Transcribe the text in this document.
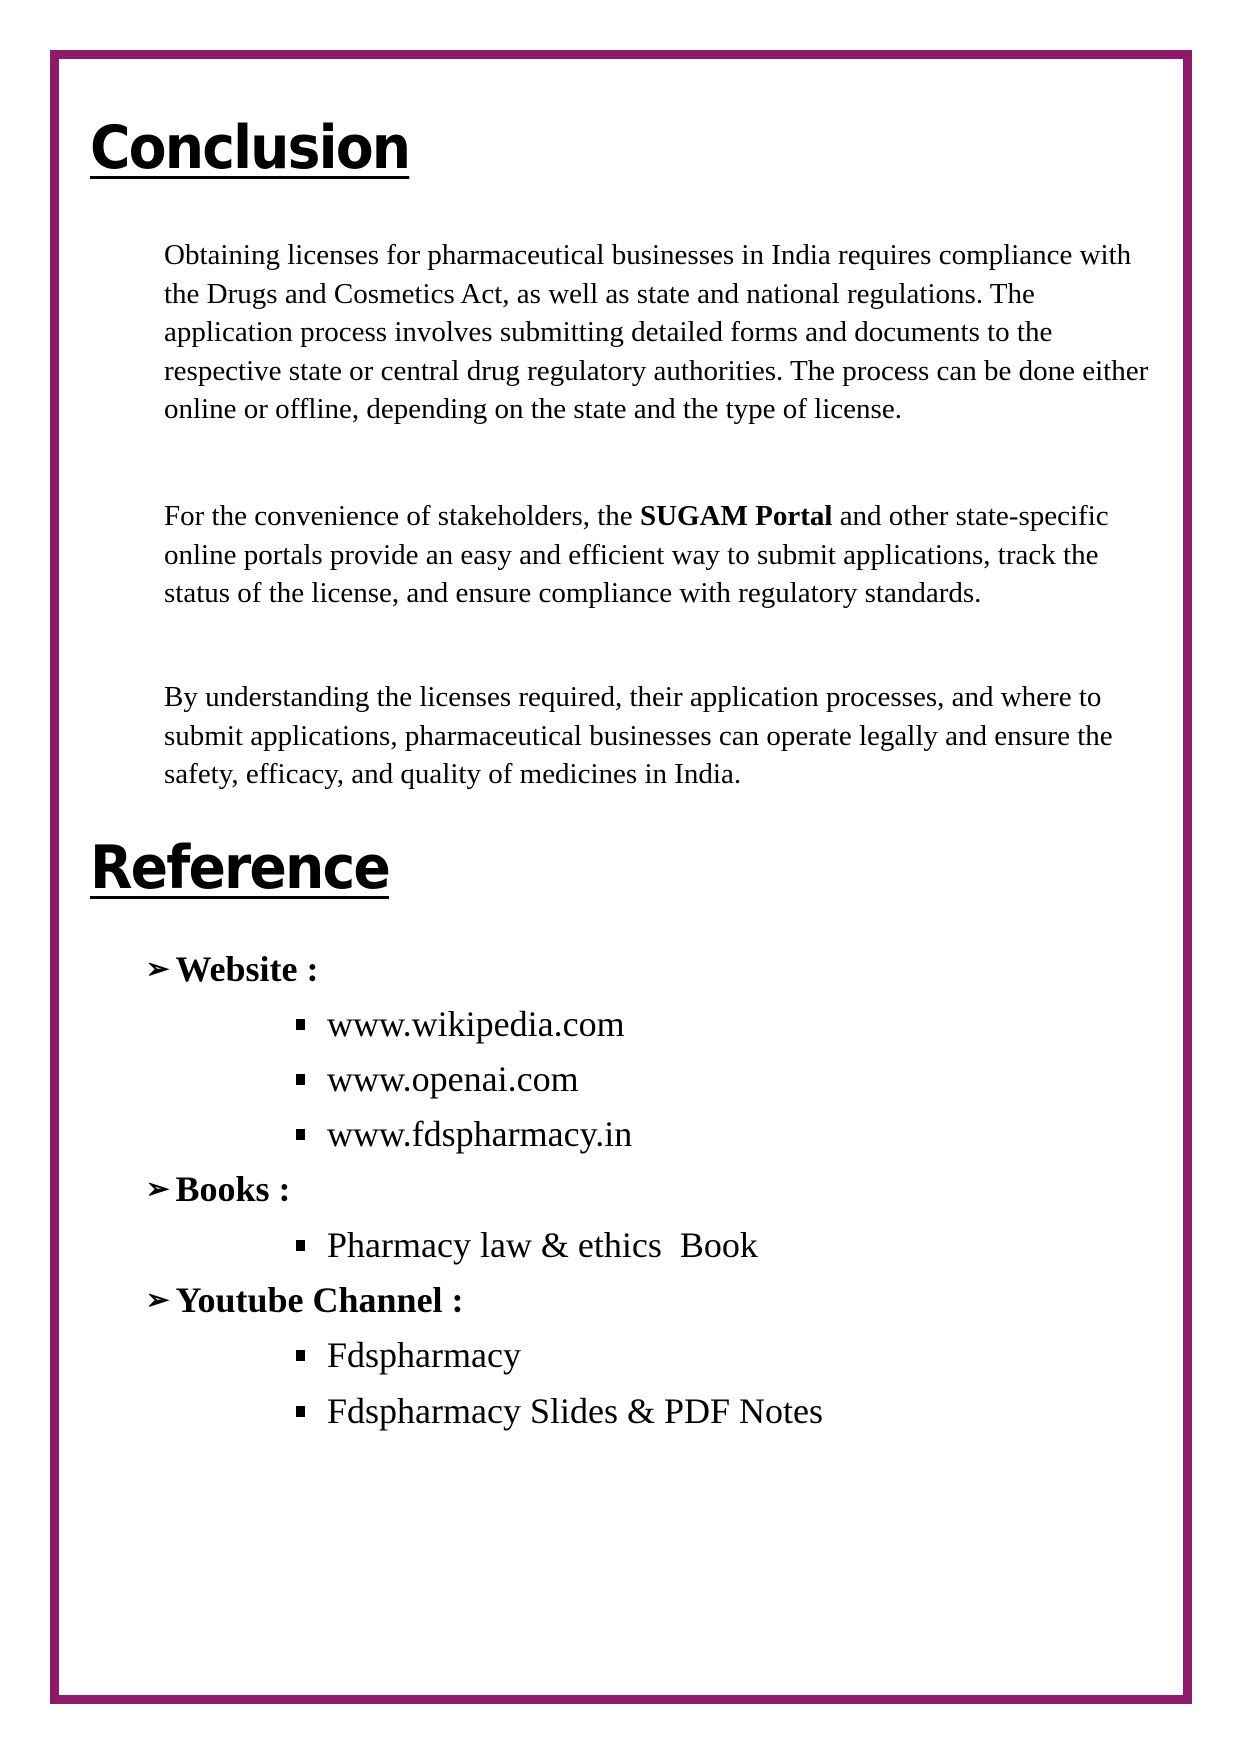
Conclusion

Obtaining licenses for pharmaceutical businesses in India requires compliance with the Drugs and Cosmetics Act, as well as state and national regulations. The application process involves submitting detailed forms and documents to the respective state or central drug regulatory authorities. The process can be done either online or offline, depending on the state and the type of license.

For the convenience of stakeholders, the SUGAM Portal and other state-specific online portals provide an easy and efficient way to submit applications, track the status of the license, and ensure compliance with regulatory standards.

By understanding the licenses required, their application processes, and where to submit applications, pharmaceutical businesses can operate legally and ensure the safety, efficacy, and quality of medicines in India.

Reference
➢ Website :
www.wikipedia.com
www.openai.com
www.fdspharmacy.in
➢ Books :
Pharmacy law & ethics  Book
➢ Youtube Channel :
Fdspharmacy
Fdspharmacy Slides & PDF Notes
